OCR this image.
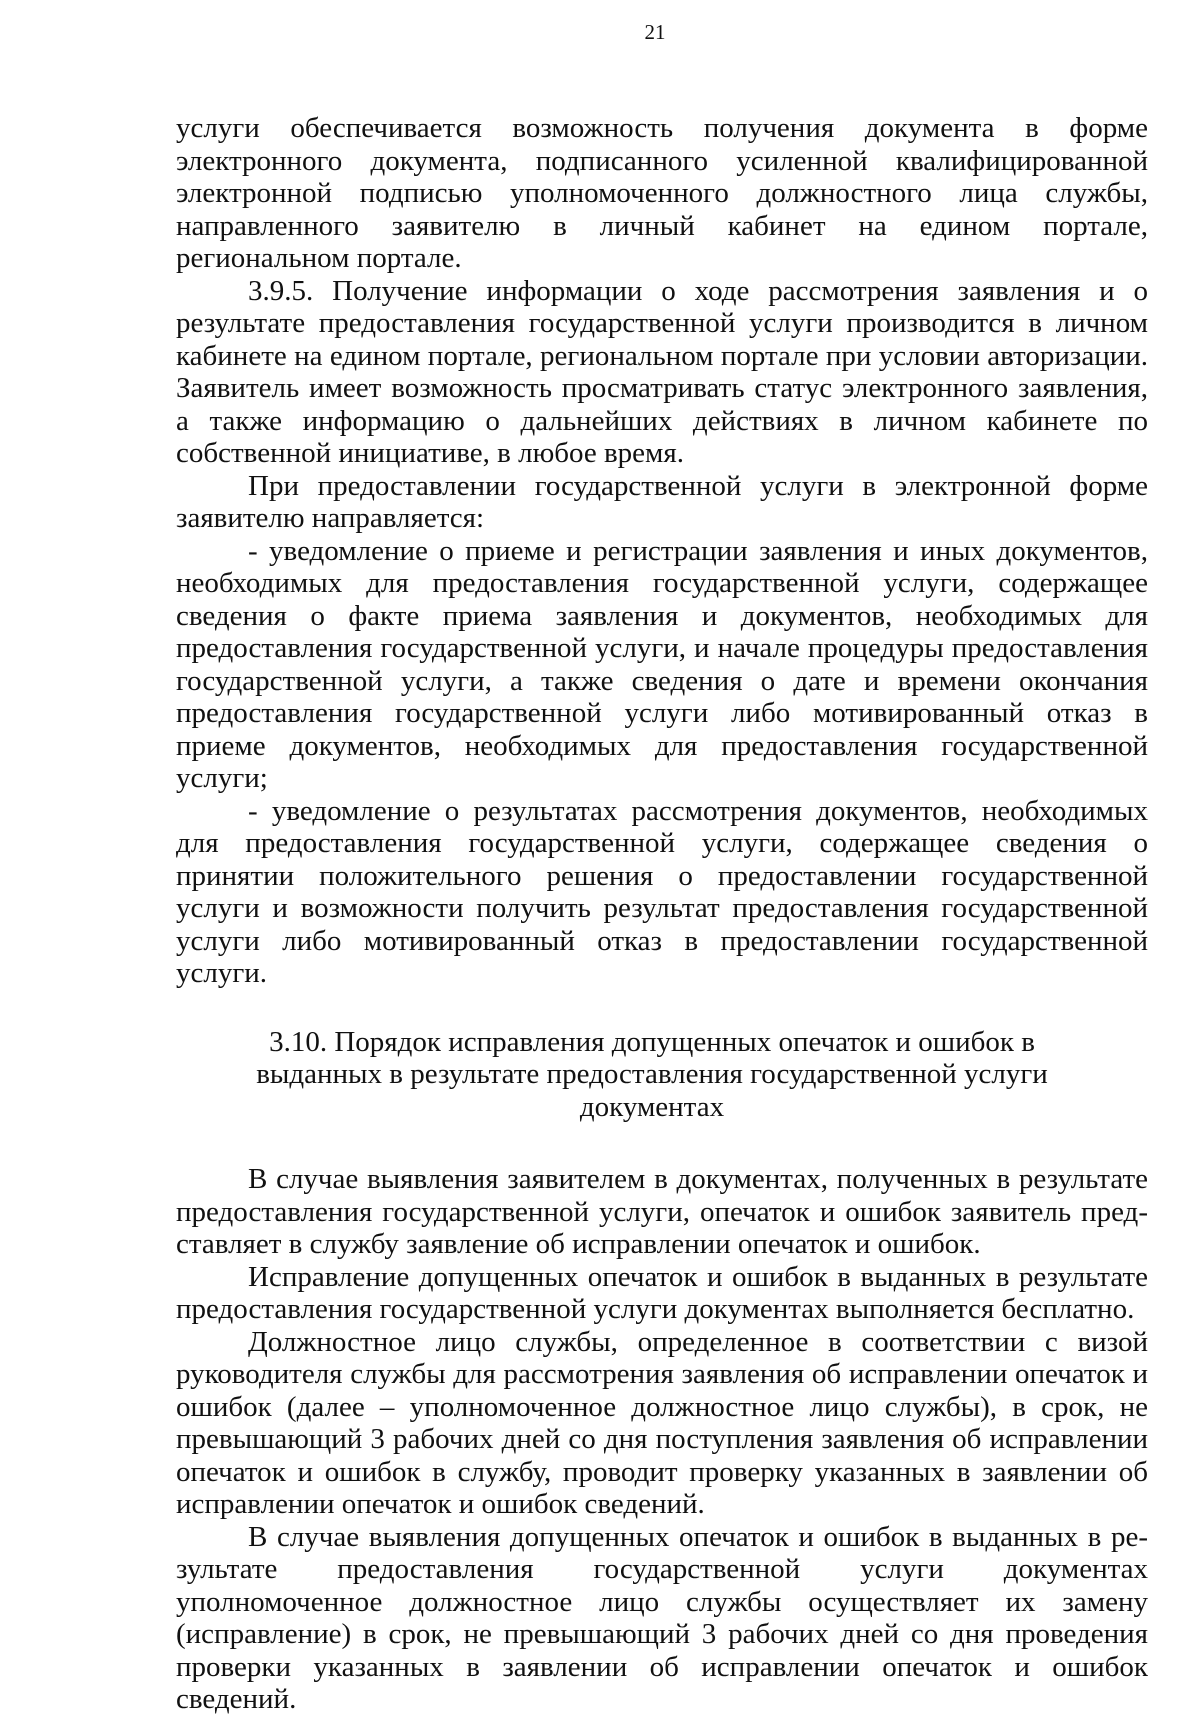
21

услуги обеспечивается возможность получения документа в форме электронного документа, подписанного усиленной квалифицированной электронной подписью уполномоченного должностного лица службы, направленного заявителю в личный кабинет на едином портале, региональном портале.

3.9.5. Получение информации о ходе рассмотрения заявления и о результате предоставления государственной услуги производится в личном кабинете на едином портале, региональном портале при условии авторизации. Заявитель имеет возможность просматривать статус электронного заявления, а также информацию о дальнейших действиях в личном кабинете по собственной инициативе, в любое время.

При предоставлении государственной услуги в электронной форме заявителю направляется:

- уведомление о приеме и регистрации заявления и иных документов, необходимых для предоставления государственной услуги, содержащее сведения о факте приема заявления и документов, необходимых для предоставления государственной услуги, и начале процедуры предоставления государственной услуги, а также сведения о дате и времени окончания предоставления государственной услуги либо мотивированный отказ в приеме документов, необходимых для предоставления государственной услуги;

- уведомление о результатах рассмотрения документов, необходимых для предоставления государственной услуги, содержащее сведения о принятии положительного решения о предоставлении государственной услуги и возможности получить результат предоставления государственной услуги либо мотивированный отказ в предоставлении государственной услуги.

3.10. Порядок исправления допущенных опечаток и ошибок в выданных в результате предоставления государственной услуги документах

В случае выявления заявителем в документах, полученных в результате предоставления государственной услуги, опечаток и ошибок заявитель представляет в службу заявление об исправлении опечаток и ошибок.

Исправление допущенных опечаток и ошибок в выданных в результате предоставления государственной услуги документах выполняется бесплатно.

Должностное лицо службы, определенное в соответствии с визой руководителя службы для рассмотрения заявления об исправлении опечаток и ошибок (далее – уполномоченное должностное лицо службы), в срок, не превышающий 3 рабочих дней со дня поступления заявления об исправлении опечаток и ошибок в службу, проводит проверку указанных в заявлении об исправлении опечаток и ошибок сведений.

В случае выявления допущенных опечаток и ошибок в выданных в результате предоставления государственной услуги документах уполномоченное должностное лицо службы осуществляет их замену (исправление) в срок, не превышающий 3 рабочих дней со дня проведения проверки указанных в заявлении об исправлении опечаток и ошибок сведений.
